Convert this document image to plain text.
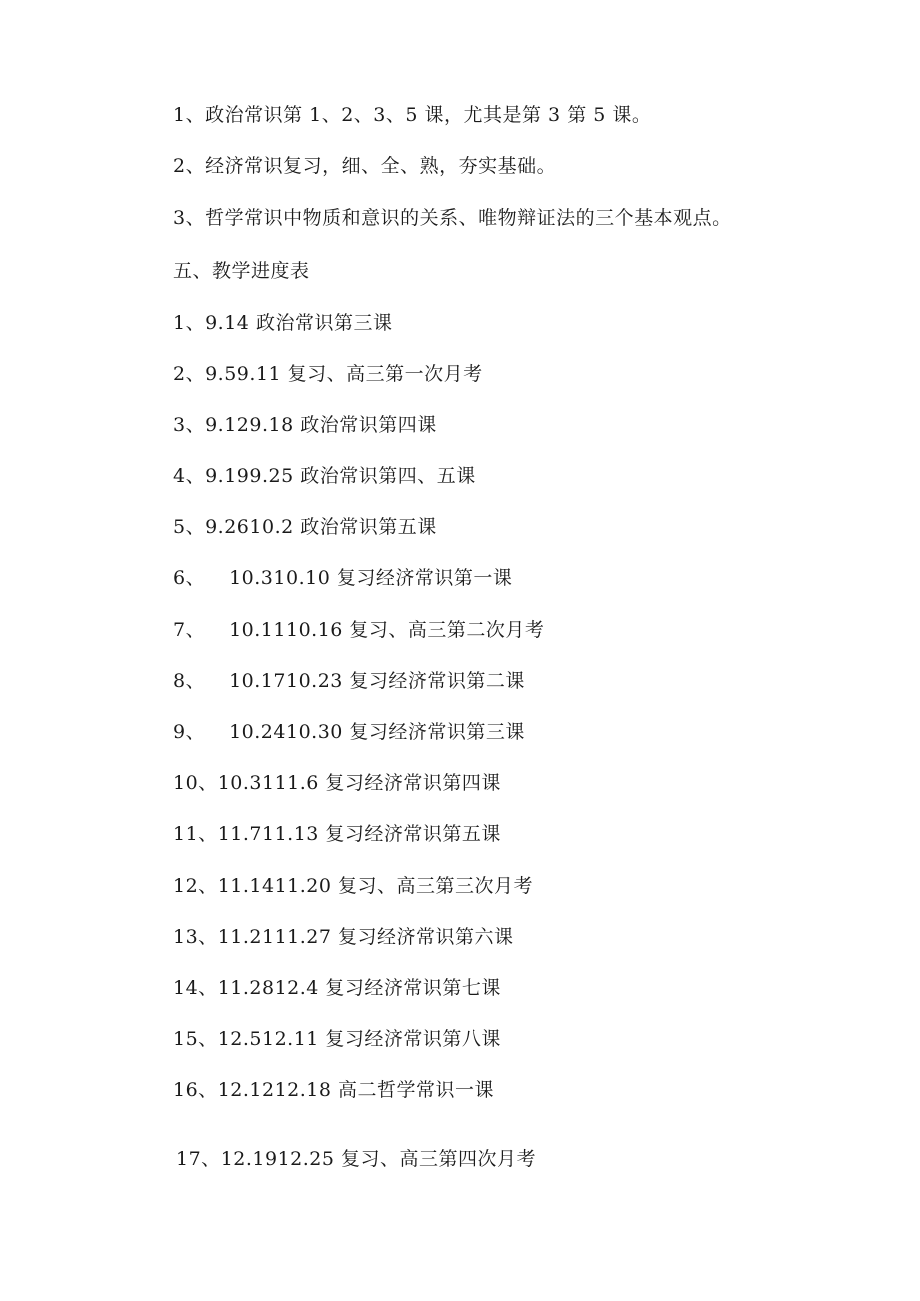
1、政治常识第 1、2、3、5 课，尤其是第 3 第 5 课。
2、经济常识复习，细、全、熟，夯实基础。
3、哲学常识中物质和意识的关系、唯物辩证法的三个基本观点。
五、教学进度表
1、9.14 政治常识第三课
2、9.59.11 复习、高三第一次月考
3、9.129.18 政治常识第四课
4、9.199.25 政治常识第四、五课
5、9.2610.2 政治常识第五课
6、 10.310.10 复习经济常识第一课
7、 10.1110.16 复习、高三第二次月考
8、 10.1710.23 复习经济常识第二课
9、 10.2410.30 复习经济常识第三课
10、10.3111.6 复习经济常识第四课
11、11.711.13 复习经济常识第五课
12、11.1411.20 复习、高三第三次月考
13、11.2111.27 复习经济常识第六课
14、11.2812.4 复习经济常识第七课
15、12.512.11 复习经济常识第八课
16、12.1212.18 高二哲学常识一课
17、12.1912.25 复习、高三第四次月考
